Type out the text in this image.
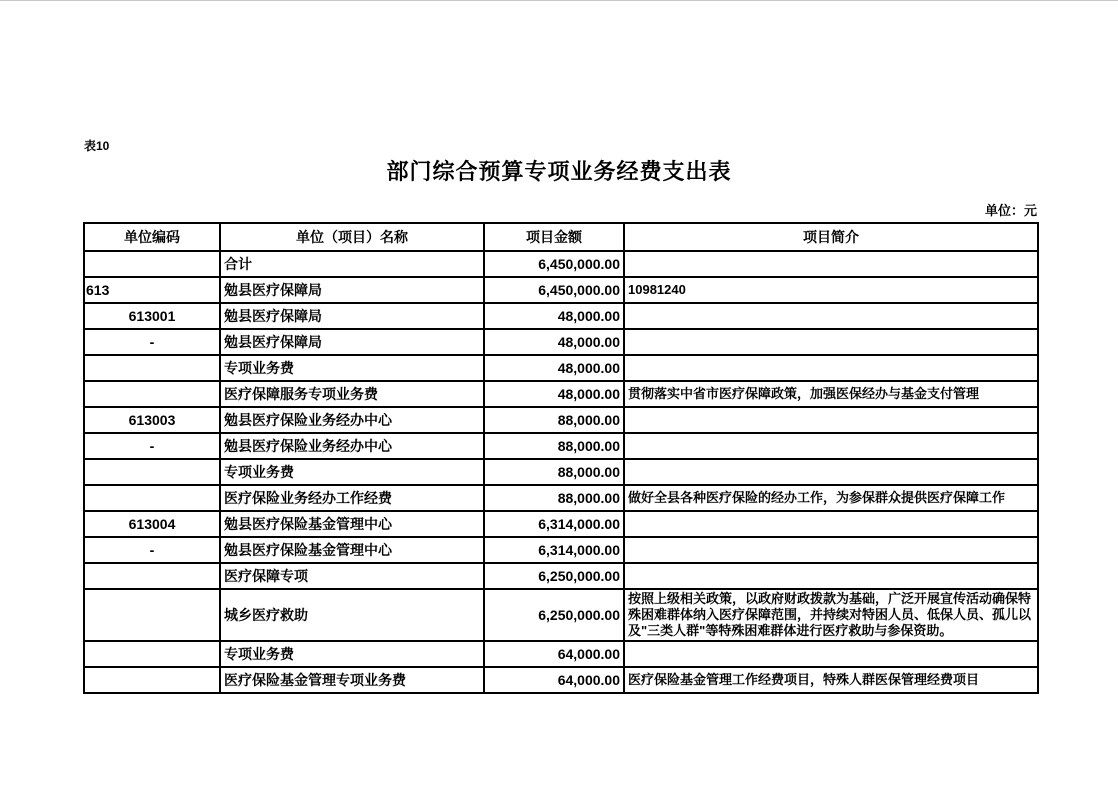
表10
部门综合预算专项业务经费支出表
单位：元
单位编码	单位（项目）名称	项目金额	项目简介
	合计	6,450,000.00	
613	勉县医疗保障局	6,450,000.00	10981240
613001	勉县医疗保障局	48,000.00	
-	勉县医疗保障局	48,000.00	
	专项业务费	48,000.00	
	医疗保障服务专项业务费	48,000.00	贯彻落实中省市医疗保障政策，加强医保经办与基金支付管理
613003	勉县医疗保险业务经办中心	88,000.00	
-	勉县医疗保险业务经办中心	88,000.00	
	专项业务费	88,000.00	
	医疗保险业务经办工作经费	88,000.00	做好全县各种医疗保险的经办工作，为参保群众提供医疗保障工作
613004	勉县医疗保险基金管理中心	6,314,000.00	
-	勉县医疗保险基金管理中心	6,314,000.00	
	医疗保障专项	6,250,000.00	
	城乡医疗救助	6,250,000.00	按照上级相关政策，以政府财政拨款为基础，广泛开展宣传活动确保特殊困难群体纳入医疗保障范围，并持续对特困人员、低保人员、孤儿以及"三类人群"等特殊困难群体进行医疗救助与参保资助。
	专项业务费	64,000.00	
	医疗保险基金管理专项业务费	64,000.00	医疗保险基金管理工作经费项目，特殊人群医保管理经费项目
